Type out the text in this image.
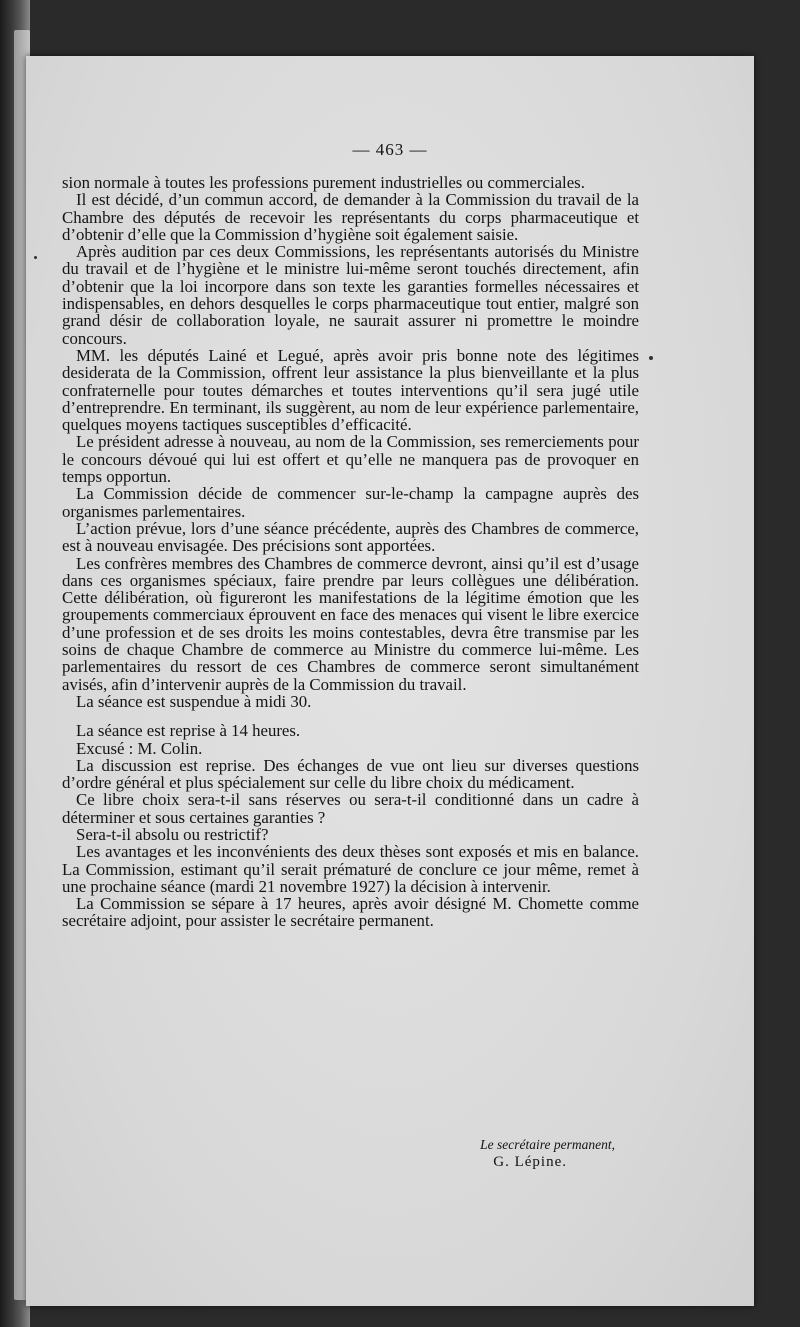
— 463 —

sion normale à toutes les professions purement industrielles ou commerciales.

Il est décidé, d’un commun accord, de demander à la Commission du travail de la Chambre des députés de recevoir les représentants du corps pharmaceutique et d’obtenir d’elle que la Commission d’hygiène soit également saisie.

Après audition par ces deux Commissions, les représentants autorisés du Ministre du travail et de l’hygiène et le ministre lui-même seront touchés directement, afin d’obtenir que la loi incorpore dans son texte les garanties formelles nécessaires et indispensables, en dehors desquelles le corps pharmaceutique tout entier, malgré son grand désir de collaboration loyale, ne saurait assurer ni promettre le moindre concours.

MM. les députés Lainé et Legué, après avoir pris bonne note des légitimes desiderata de la Commission, offrent leur assistance la plus bienveillante et la plus confraternelle pour toutes démarches et toutes interventions qu’il sera jugé utile d’entreprendre. En terminant, ils suggèrent, au nom de leur expérience parlementaire, quelques moyens tactiques susceptibles d’efficacité.

Le président adresse à nouveau, au nom de la Commission, ses remerciements pour le concours dévoué qui lui est offert et qu’elle ne manquera pas de provoquer en temps opportun.

La Commission décide de commencer sur-le-champ la campagne auprès des organismes parlementaires.

L’action prévue, lors d’une séance précédente, auprès des Chambres de commerce, est à nouveau envisagée. Des précisions sont apportées.

Les confrères membres des Chambres de commerce devront, ainsi qu’il est d’usage dans ces organismes spéciaux, faire prendre par leurs collègues une délibération. Cette délibération, où figureront les manifestations de la légitime émotion que les groupements commerciaux éprouvent en face des menaces qui visent le libre exercice d’une profession et de ses droits les moins contestables, devra être transmise par les soins de chaque Chambre de commerce au Ministre du commerce lui-même. Les parlementaires du ressort de ces Chambres de commerce seront simultanément avisés, afin d’intervenir auprès de la Commission du travail.

La séance est suspendue à midi 30.

La séance est reprise à 14 heures.

Excusé : M. Colin.

La discussion est reprise. Des échanges de vue ont lieu sur diverses questions d’ordre général et plus spécialement sur celle du libre choix du médicament.

Ce libre choix sera-t-il sans réserves ou sera-t-il conditionné dans un cadre à déterminer et sous certaines garanties ?

Sera-t-il absolu ou restrictif?

Les avantages et les inconvénients des deux thèses sont exposés et mis en balance. La Commission, estimant qu’il serait prématuré de conclure ce jour même, remet à une prochaine séance (mardi 21 novembre 1927) la décision à intervenir.

La Commission se sépare à 17 heures, après avoir désigné M. Chomette comme secrétaire adjoint, pour assister le secrétaire permanent.

Le secrétaire permanent,
G. Lépine.
